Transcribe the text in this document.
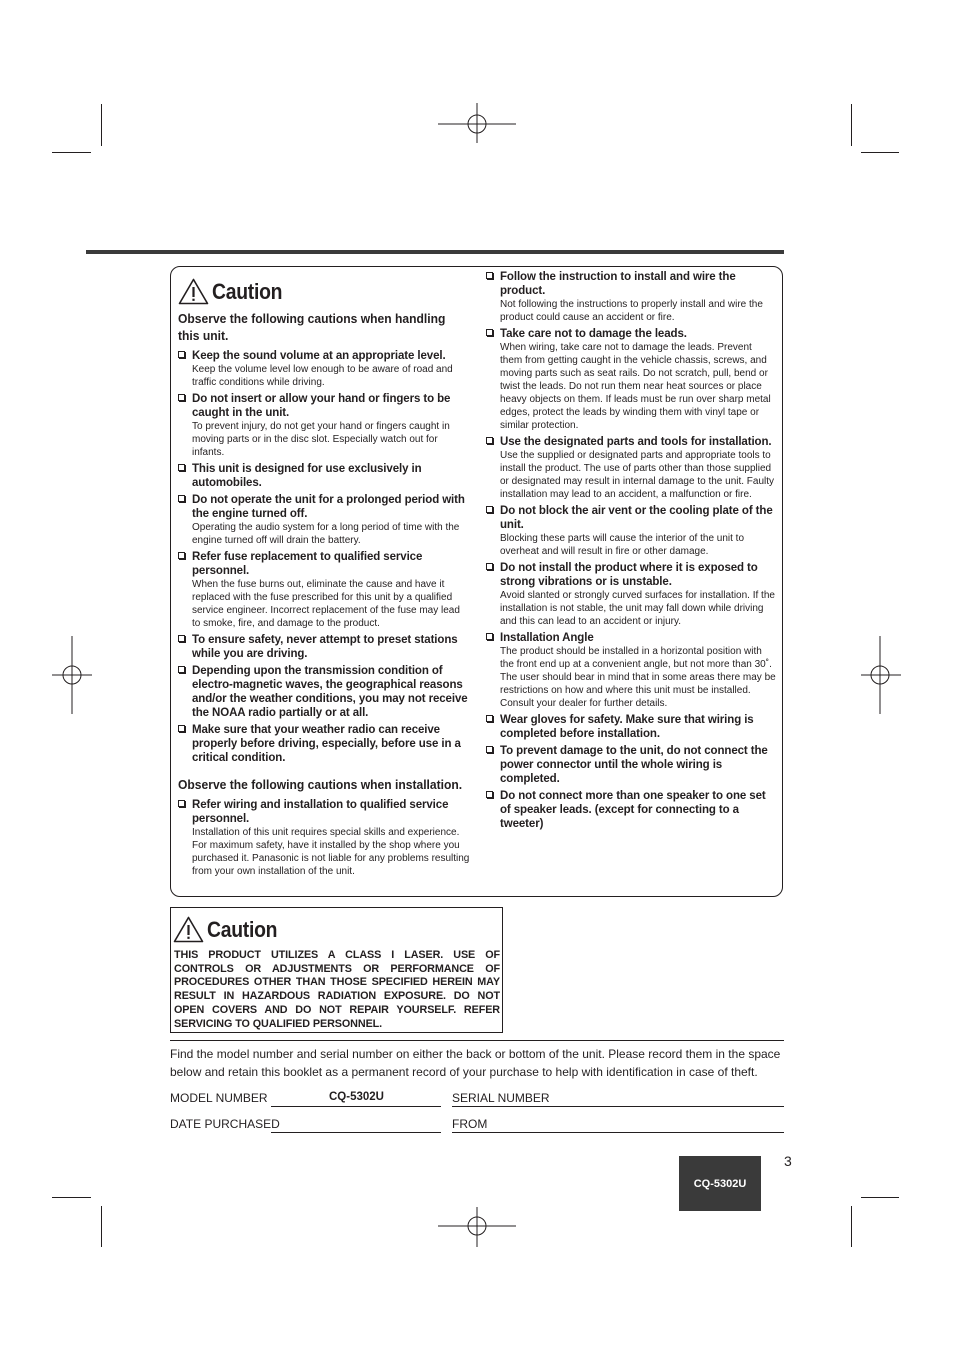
Caution
Observe the following cautions when handling this unit.
Keep the sound volume at an appropriate level.
Keep the volume level low enough to be aware of road and traffic conditions while driving.
Do not insert or allow your hand or fingers to be caught in the unit.
To prevent injury, do not get your hand or fingers caught in moving parts or in the disc slot. Especially watch out for infants.
This unit is designed for use exclusively in automobiles.
Do not operate the unit for a prolonged period with the engine turned off.
Operating the audio system for a long period of time with the engine turned off will drain the battery.
Refer fuse replacement to qualified service personnel.
When the fuse burns out, eliminate the cause and have it replaced with the fuse prescribed for this unit by a qualified service engineer. Incorrect replacement of the fuse may lead to smoke, fire, and damage to the product.
To ensure safety, never attempt to preset stations while you are driving.
Depending upon the transmission condition of electro-magnetic waves, the geographical reasons and/or the weather conditions, you may not receive the NOAA radio partially or at all.
Make sure that your weather radio can receive properly before driving, especially, before use in a critical condition.
Observe the following cautions when installation.
Refer wiring and installation to qualified service personnel.
Installation of this unit requires special skills and experience. For maximum safety, have it installed by the shop where you purchased it. Panasonic is not liable for any problems resulting from your own installation of the unit.
Follow the instruction to install and wire the product.
Not following the instructions to properly install and wire the product could cause an accident or fire.
Take care not to damage the leads.
When wiring, take care not to damage the leads. Prevent them from getting caught in the vehicle chassis, screws, and moving parts such as seat rails. Do not scratch, pull, bend or twist the leads. Do not run them near heat sources or place heavy objects on them. If leads must be run over sharp metal edges, protect the leads by winding them with vinyl tape or similar protection.
Use the designated parts and tools for installation.
Use the supplied or designated parts and appropriate tools to install the product. The use of parts other than those supplied or designated may result in internal damage to the unit. Faulty installation may lead to an accident, a malfunction or fire.
Do not block the air vent or the cooling plate of the unit.
Blocking these parts will cause the interior of the unit to overheat and will result in fire or other damage.
Do not install the product where it is exposed to strong vibrations or is unstable.
Avoid slanted or strongly curved surfaces for installation. If the installation is not stable, the unit may fall down while driving and this can lead to an accident or injury.
Installation Angle
The product should be installed in a horizontal position with the front end up at a convenient angle, but not more than 30˚.
The user should bear in mind that in some areas there may be restrictions on how and where this unit must be installed. Consult your dealer for further details.
Wear gloves for safety. Make sure that wiring is completed before installation.
To prevent damage to the unit, do not connect the power connector until the whole wiring is completed.
Do not connect more than one speaker to one set of speaker leads. (except for connecting to a tweeter)
Caution
THIS PRODUCT UTILIZES A CLASS I LASER. USE OF CONTROLS OR ADJUSTMENTS OR PERFORMANCE OF PROCEDURES OTHER THAN THOSE SPECIFIED HEREIN MAY RESULT IN HAZARDOUS RADIATION EXPOSURE. DO NOT OPEN COVERS AND DO NOT REPAIR YOURSELF. REFER SERVICING TO QUALIFIED PERSONNEL.
Find the model number and serial number on either the back or bottom of the unit. Please record them in the space below and retain this booklet as a permanent record of your purchase to help with identification in case of theft.
MODEL NUMBER	CQ-5302U	SERIAL NUMBER
DATE PURCHASED	FROM
3
CQ-5302U
